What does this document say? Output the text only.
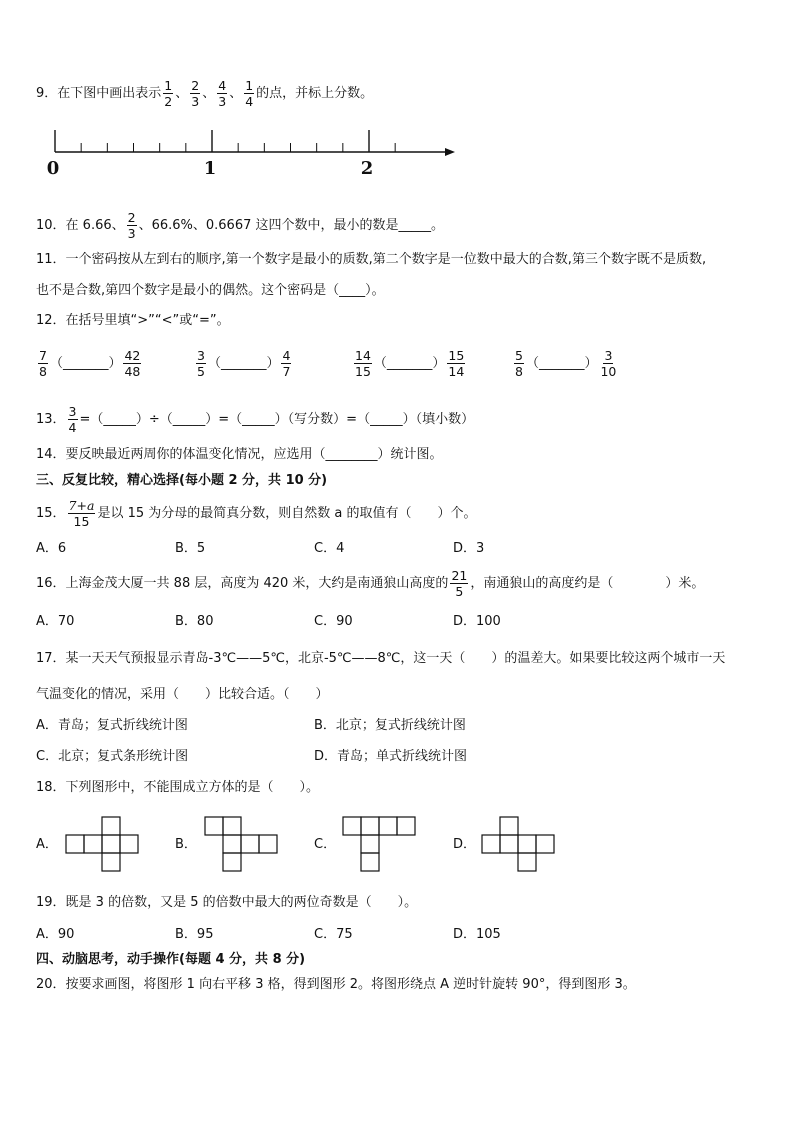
9．在下图中画出表示 $\frac{1}{2}$ 、 $\frac{2}{3}$ 、 $\frac{4}{3}$ 、 $\frac{1}{4}$ 的点，并标上分数。
0	1	2
10．在 6.66、 $\frac{2}{3}$ 、66.6%、0.6667 这四个数中，最小的数是_____。
11．一个密码按从左到右的顺序,第一个数字是最小的质数,第二个数字是一位数中最大的合数,第三个数字既不是质数,
也不是合数,第四个数字是最小的偶然。这个密码是（____）。
12．在括号里填“>”“<”或“=”。
$\frac{7}{8}$ （_______） $\frac{42}{48}$	$\frac{3}{5}$ （_______） $\frac{4}{7}$	$\frac{14}{15}$ （_______） $\frac{15}{14}$	$\frac{5}{8}$ （_______） $\frac{3}{10}$
13． $\frac{3}{4}$ =（_____）÷（_____）=（_____）（写分数）=（_____）（填小数）
14．要反映最近两周你的体温变化情况，应选用（________）统计图。
三、反复比较，精心选择(每小题 2 分，共 10 分)
15． $\frac{7+a}{15}$ 是以 15 为分母的最简真分数，则自然数 a 的取值有（　　）个。
A．6	B．5	C．4	D．3
16．上海金茂大厦一共 88 层，高度为 420 米，大约是南通狼山高度的 $\frac{21}{5}$ ，南通狼山的高度约是（　　　　）米。
A．70	B．80	C．90	D．100
17．某一天天气预报显示青岛-3℃——5℃，北京-5℃——8℃，这一天（　　）的温差大。如果要比较这两个城市一天
气温变化的情况，采用（　　）比较合适。（　　）
A．青岛；复式折线统计图	B．北京；复式折线统计图
C．北京；复式条形统计图	D．青岛；单式折线统计图
18．下列图形中，不能围成立方体的是（　　）。
A．	B．	C．	D．
19．既是 3 的倍数，又是 5 的倍数中最大的两位奇数是（　　）。
A．90	B．95	C．75	D．105
四、动脑思考，动手操作(每题 4 分，共 8 分)
20．按要求画图，将图形 1 向右平移 3 格，得到图形 2。将图形绕点 A 逆时针旋转 90°，得到图形 3。
